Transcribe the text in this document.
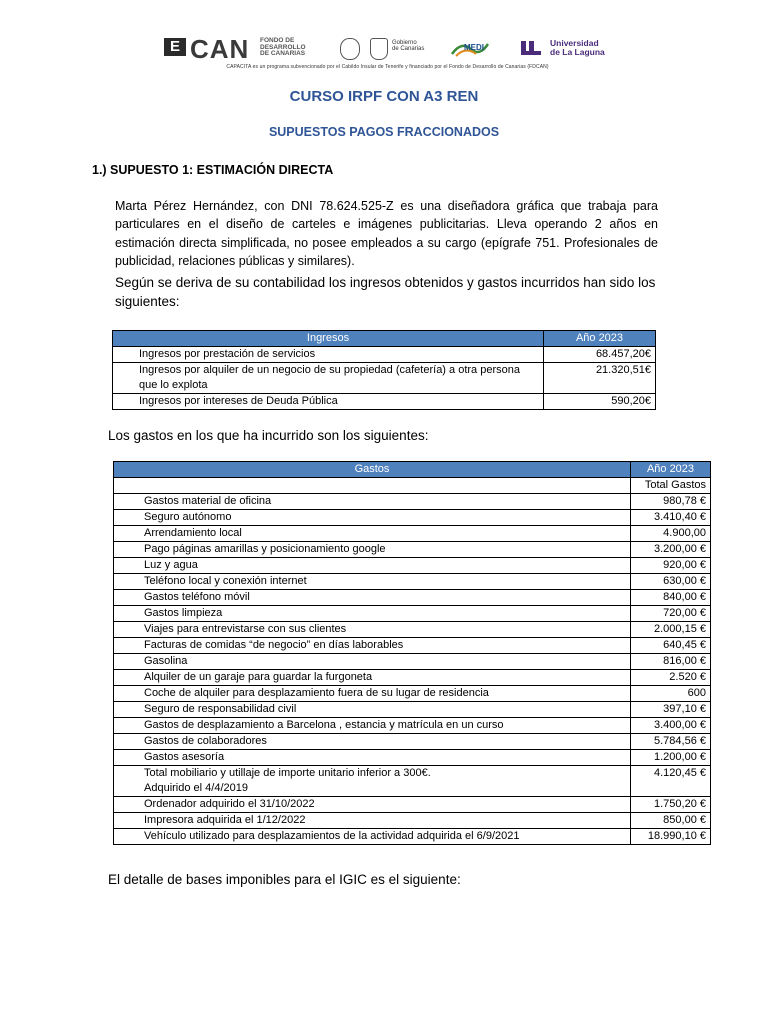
E CAN FONDO DE
DESARROLLO
DE CANARIAS
Gobierno
de Canarias	MEDI	Universidad
de La Laguna
CAPACITA es un programa subvencionado por el Cabildo Insular de Tenerife y financiado por el Fondo de Desarrollo de Canarias (FDCAN)
CURSO IRPF CON A3 REN
SUPUESTOS PAGOS FRACCIONADOS
1.) SUPUESTO 1: ESTIMACIÓN DIRECTA
Marta Pérez Hernández, con DNI 78.624.525-Z es una diseñadora gráfica que trabaja para particulares en el diseño de carteles e imágenes publicitarias. Lleva operando 2 años en estimación directa simplificada, no posee empleados a su cargo (epígrafe 751. Profesionales de publicidad, relaciones públicas y similares).
Según se deriva de su contabilidad los ingresos obtenidos y gastos incurridos han sido los siguientes:
Ingresos	Año 2023
Ingresos por prestación de servicios	68.457,20€
Ingresos por alquiler de un negocio de su propiedad (cafetería) a otra persona que lo explota	21.320,51€
Ingresos por intereses de Deuda Pública	590,20€
Los gastos en los que ha incurrido son los siguientes:
Gastos	Año 2023
	Total Gastos
Gastos material de oficina	980,78 €
Seguro autónomo	3.410,40 €
Arrendamiento local	4.900,00
Pago páginas amarillas y posicionamiento google	3.200,00 €
Luz y agua	920,00 €
Teléfono local y conexión internet	630,00 €
Gastos teléfono móvil	840,00 €
Gastos limpieza	720,00 €
Viajes para entrevistarse con sus clientes	2.000,15 €
Facturas de comidas “de negocio” en días laborables	640,45 €
Gasolina	816,00 €
Alquiler de un garaje para guardar la furgoneta	2.520 €
Coche de alquiler para desplazamiento fuera de su lugar de residencia	600
Seguro de responsabilidad civil	397,10 €
Gastos de desplazamiento a Barcelona , estancia y matrícula en un curso	3.400,00 €
Gastos de colaboradores	5.784,56 €
Gastos asesoría	1.200,00 €
Total mobiliario y utillaje de importe unitario inferior a 300€.
Adquirido el 4/4/2019	4.120,45 €
Ordenador adquirido el 31/10/2022	1.750,20 €
Impresora adquirida el 1/12/2022	850,00 €
Vehículo utilizado para desplazamientos de la actividad adquirida el 6/9/2021	18.990,10 €
El detalle de bases imponibles para el IGIC es el siguiente:
